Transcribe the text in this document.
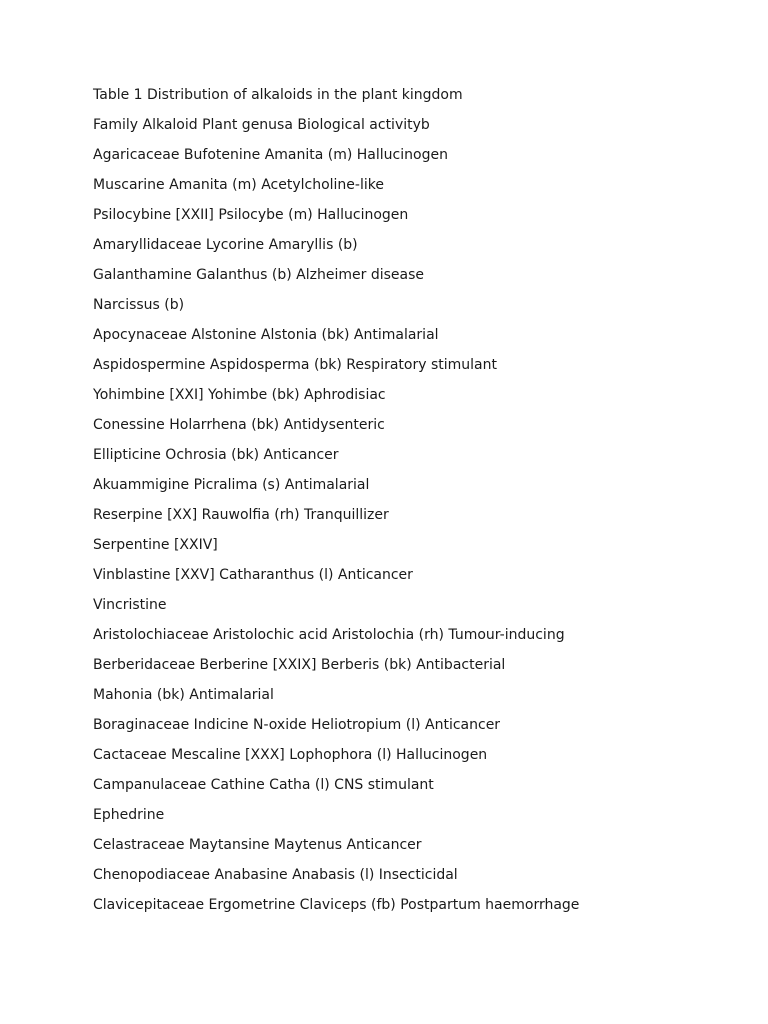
Table 1 Distribution of alkaloids in the plant kingdom
Family Alkaloid Plant genusa Biological activityb
Agaricaceae Bufotenine Amanita (m) Hallucinogen
Muscarine Amanita (m) Acetylcholine-like
Psilocybine [XXII] Psilocybe (m) Hallucinogen
Amaryllidaceae Lycorine Amaryllis (b)
Galanthamine Galanthus (b) Alzheimer disease
Narcissus (b)
Apocynaceae Alstonine Alstonia (bk) Antimalarial
Aspidospermine Aspidosperma (bk) Respiratory stimulant
Yohimbine [XXI] Yohimbe (bk) Aphrodisiac
Conessine Holarrhena (bk) Antidysenteric
Ellipticine Ochrosia (bk) Anticancer
Akuammigine Picralima (s) Antimalarial
Reserpine [XX] Rauwolfia (rh) Tranquillizer
Serpentine [XXIV]
Vinblastine [XXV] Catharanthus (l) Anticancer
Vincristine
Aristolochiaceae Aristolochic acid Aristolochia (rh) Tumour-inducing
Berberidaceae Berberine [XXIX] Berberis (bk) Antibacterial
Mahonia (bk) Antimalarial
Boraginaceae Indicine N-oxide Heliotropium (l) Anticancer
Cactaceae Mescaline [XXX] Lophophora (l) Hallucinogen
Campanulaceae Cathine Catha (l) CNS stimulant
Ephedrine
Celastraceae Maytansine Maytenus Anticancer
Chenopodiaceae Anabasine Anabasis (l) Insecticidal
Clavicepitaceae Ergometrine Claviceps (fb) Postpartum haemorrhage
